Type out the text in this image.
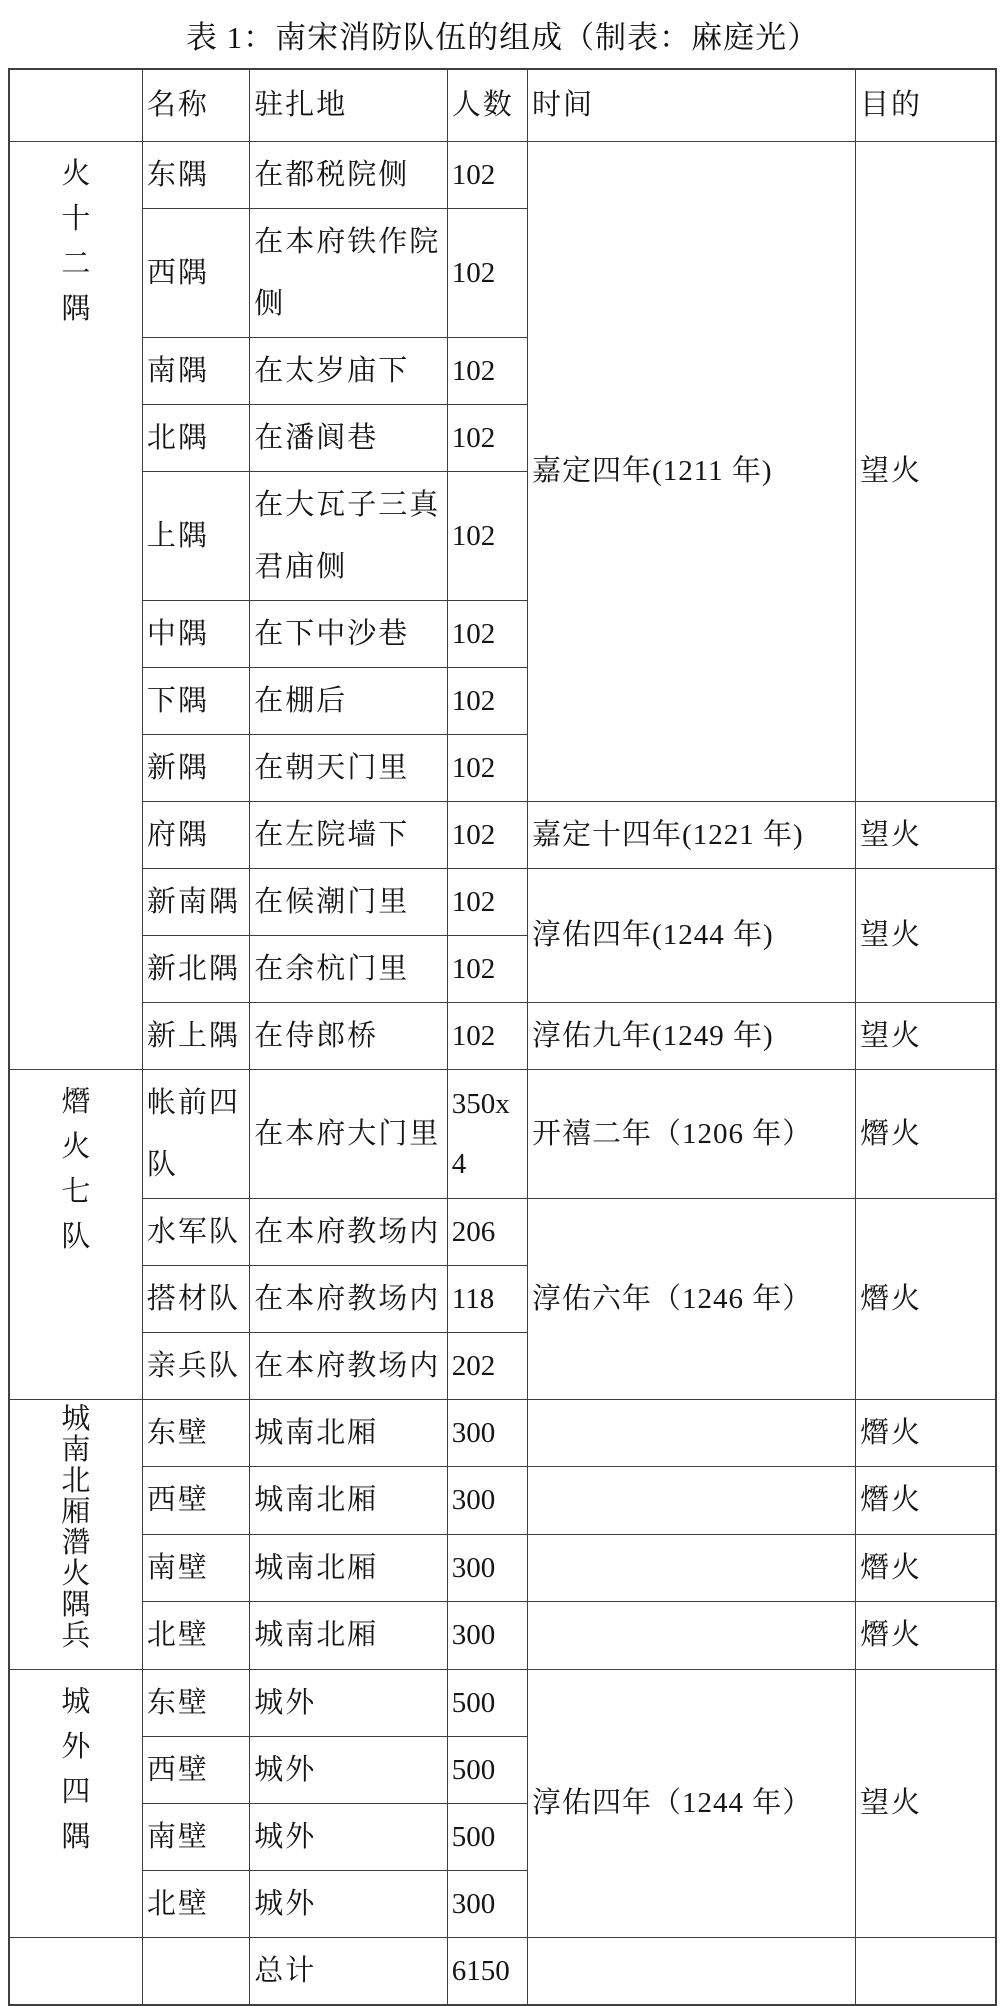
表 1：南宋消防队伍的组成（制表：麻庭光）
	名称	驻扎地	人数	时间	目的
火十二隅	东隅	在都税院侧	102	嘉定四年(1211 年)	望火
	西隅	在本府铁作院侧	102		
	南隅	在太岁庙下	102		
	北隅	在潘阆巷	102		
	上隅	在大瓦子三真君庙侧	102		
	中隅	在下中沙巷	102		
	下隅	在棚后	102		
	新隅	在朝天门里	102		
	府隅	在左院墙下	102	嘉定十四年(1221 年)	望火
	新南隅	在候潮门里	102	淳佑四年(1244 年)	望火
	新北隅	在余杭门里	102		
	新上隅	在侍郎桥	102	淳佑九年(1249 年)	望火
熸火七队	帐前四队	在本府大门里	350x4	开禧二年（1206 年）	熸火
	水军队	在本府教场内	206	淳佑六年（1246 年）	熸火
	搭材队	在本府教场内	118		
	亲兵队	在本府教场内	202		
城南北厢濳火隅兵	东壁	城南北厢	300		熸火
	西壁	城南北厢	300		熸火
	南壁	城南北厢	300		熸火
	北壁	城南北厢	300		熸火
城外四隅	东壁	城外	500	淳佑四年（1244 年）	望火
	西壁	城外	500		
	南壁	城外	500		
	北壁	城外	300		
		总计	6150		
